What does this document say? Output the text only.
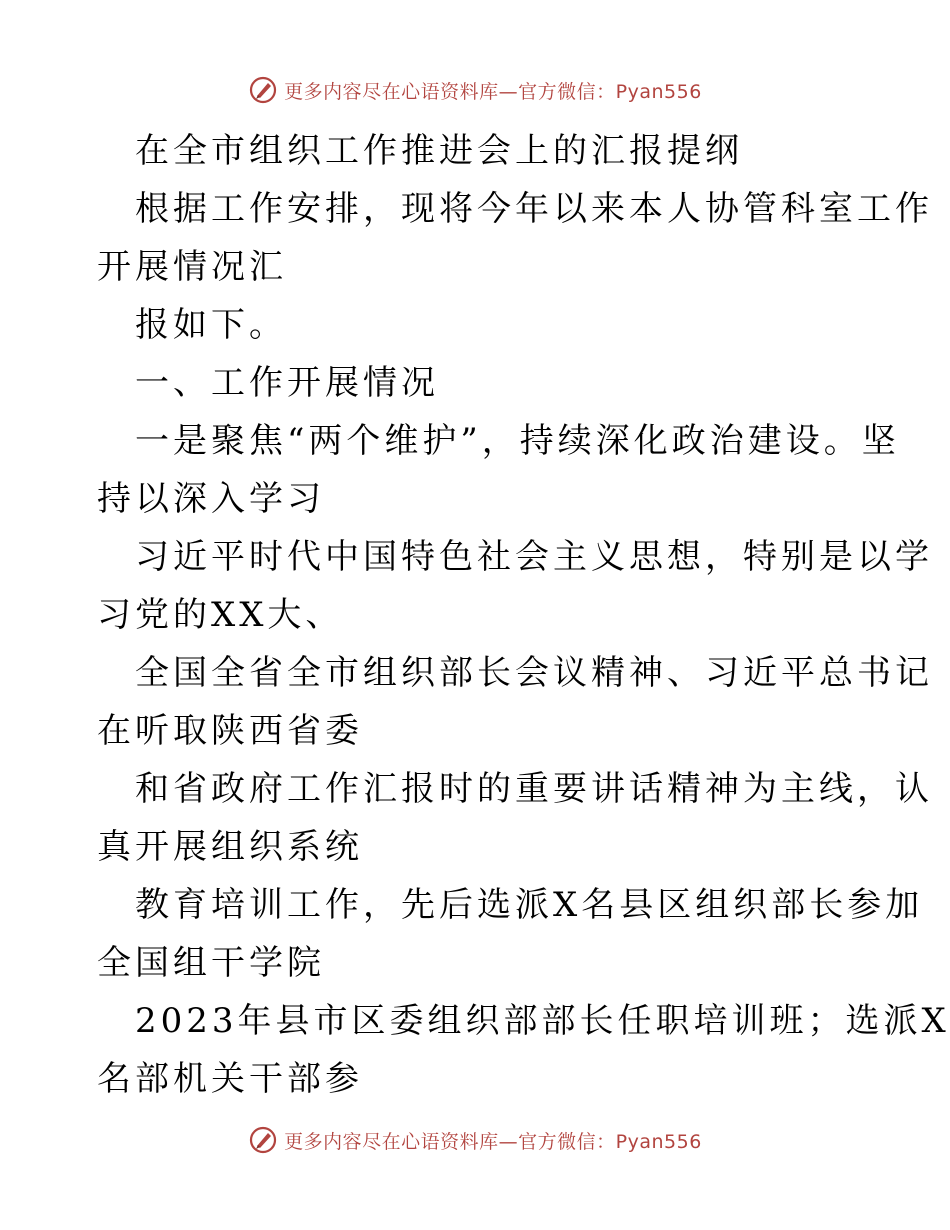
更多内容尽在心语资料库—官方微信：Pyan556
在全市组织工作推进会上的汇报提纲
根据工作安排，现将今年以来本人协管科室工作
开展情况汇
报如下。
一、工作开展情况
一是聚焦“两个维护”，持续深化政治建设。坚
持以深入学习
习近平时代中国特色社会主义思想，特别是以学
习党的XX大、
全国全省全市组织部长会议精神、习近平总书记
在听取陕西省委
和省政府工作汇报时的重要讲话精神为主线，认
真开展组织系统
教育培训工作，先后选派X名县区组织部长参加
全国组干学院
2023年县市区委组织部部长任职培训班；选派X
名部机关干部参
更多内容尽在心语资料库—官方微信：Pyan556
